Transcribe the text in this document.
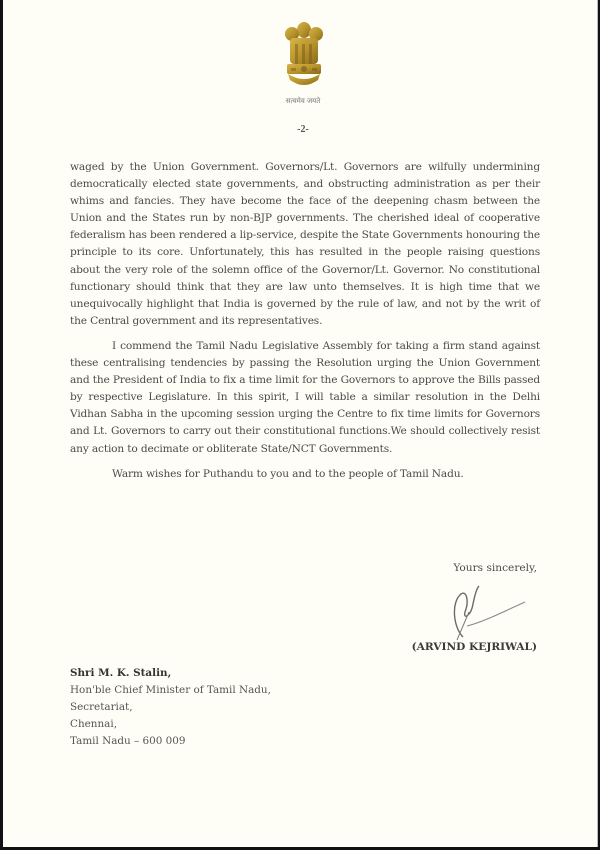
सत्यमेव जयते
-2-

waged by the Union Government. Governors/Lt. Governors are wilfully undermining democratically elected state governments, and obstructing administration as per their whims and fancies. They have become the face of the deepening chasm between the Union and the States run by non-BJP governments. The cherished ideal of cooperative federalism has been rendered a lip-service, despite the State Governments honouring the principle to its core. Unfortunately, this has resulted in the people raising questions about the very role of the solemn office of the Governor/Lt. Governor. No constitutional functionary should think that they are law unto themselves. It is high time that we unequivocally highlight that India is governed by the rule of law, and not by the writ of the Central government and its representatives.

I commend the Tamil Nadu Legislative Assembly for taking a firm stand against these centralising tendencies by passing the Resolution urging the Union Government and the President of India to fix a time limit for the Governors to approve the Bills passed by respective Legislature. In this spirit, I will table a similar resolution in the Delhi Vidhan Sabha in the upcoming session urging the Centre to fix time limits for Governors and Lt. Governors to carry out their constitutional functions.We should collectively resist any action to decimate or obliterate State/NCT Governments.

Warm wishes for Puthandu to you and to the people of Tamil Nadu.

Yours sincerely,
(ARVIND KEJRIWAL)
Shri M. K. Stalin,
Hon'ble Chief Minister of Tamil Nadu,
Secretariat,
Chennai,
Tamil Nadu – 600 009
